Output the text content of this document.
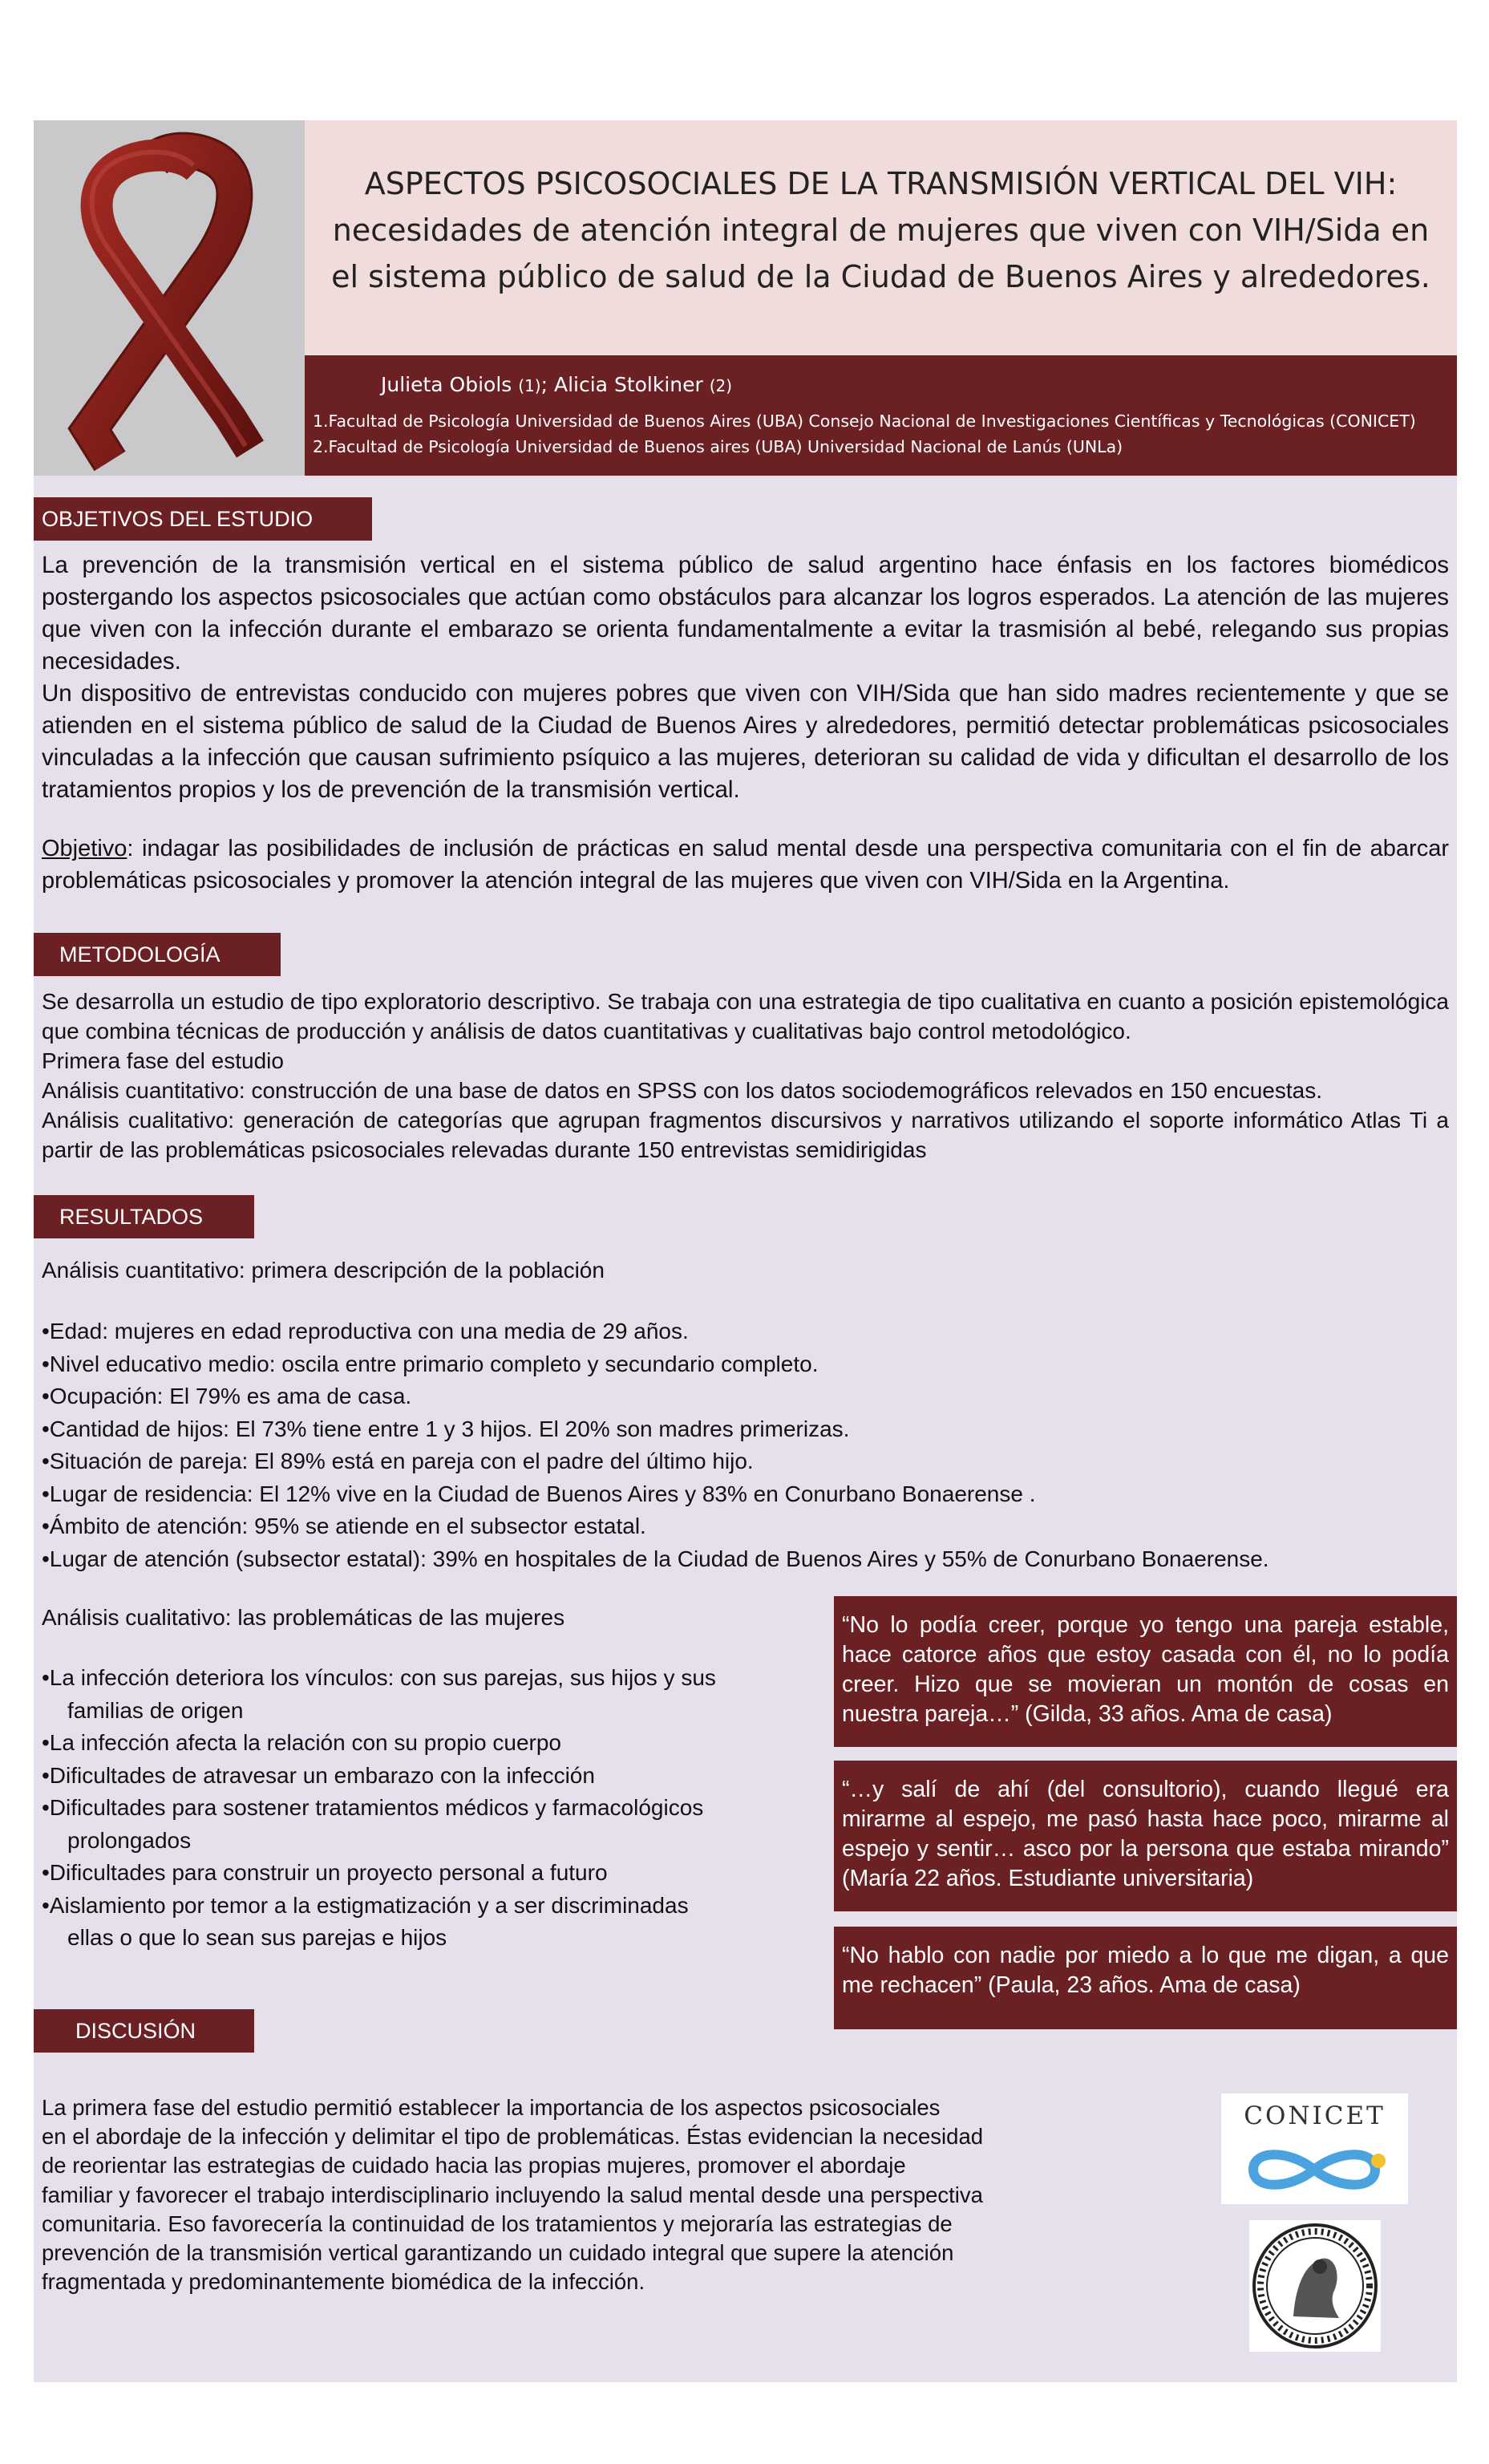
ASPECTOS PSICOSOCIALES DE LA TRANSMISIÓN VERTICAL DEL VIH:
necesidades de atención integral de mujeres que viven con VIH/Sida en
el sistema público de salud de la Ciudad de Buenos Aires y alrededores.
Julieta Obiols (1); Alicia Stolkiner (2)
1.Facultad de Psicología Universidad de Buenos Aires (UBA) Consejo Nacional de Investigaciones Científicas y Tecnológicas (CONICET)
2.Facultad de Psicología Universidad de Buenos aires (UBA) Universidad Nacional de Lanús (UNLa)
OBJETIVOS DEL ESTUDIO

La prevención de la transmisión vertical en el sistema público de salud argentino hace énfasis en los factores biomédicos postergando los aspectos psicosociales que actúan como obstáculos para alcanzar los logros esperados. La atención de las mujeres que viven con la infección durante el embarazo se orienta fundamentalmente a evitar la trasmisión al bebé, relegando sus propias necesidades.

Un dispositivo de entrevistas conducido con mujeres pobres que viven con VIH/Sida que han sido madres recientemente y que se atienden en el sistema público de salud de la Ciudad de Buenos Aires y alrededores, permitió detectar problemáticas psicosociales vinculadas a la infección que causan sufrimiento psíquico a las mujeres, deterioran su calidad de vida y dificultan el desarrollo de los tratamientos propios y los de prevención de la transmisión vertical.

Objetivo: indagar las posibilidades de inclusión de prácticas en salud mental desde una perspectiva comunitaria con el fin de abarcar problemáticas psicosociales y promover la atención integral de las mujeres que viven con VIH/Sida en la Argentina.

METODOLOGÍA

Se desarrolla un estudio de tipo exploratorio descriptivo. Se trabaja con una estrategia de tipo cualitativa en cuanto a posición epistemológica que combina técnicas de producción y análisis de datos cuantitativas y cualitativas bajo control metodológico.

Primera fase del estudio

Análisis cuantitativo: construcción de una base de datos en SPSS con los datos sociodemográficos relevados en 150 encuestas.

Análisis cualitativo: generación de categorías que agrupan fragmentos discursivos y narrativos utilizando el soporte informático Atlas Ti a partir de las problemáticas psicosociales relevadas durante 150 entrevistas semidirigidas

RESULTADOS
Análisis cuantitativo: primera descripción de la población

•Edad: mujeres en edad reproductiva con una media de 29 años.

•Nivel educativo medio: oscila entre primario completo y secundario completo.

•Ocupación: El 79% es ama de casa.

•Cantidad de hijos: El 73% tiene entre 1 y 3 hijos. El 20% son madres primerizas.

•Situación de pareja: El 89% está en pareja con el padre del último hijo.

•Lugar de residencia: El 12% vive en la Ciudad de Buenos Aires y 83% en Conurbano Bonaerense .

•Ámbito de atención: 95% se atiende en el subsector estatal.

•Lugar de atención (subsector estatal): 39% en hospitales de la Ciudad de Buenos Aires y 55% de Conurbano Bonaerense.

Análisis cualitativo: las problemáticas de las mujeres

•La infección deteriora los vínculos: con sus parejas, sus hijos y sus

familias de origen

•La infección afecta la relación con su propio cuerpo

•Dificultades de atravesar un embarazo con la infección

•Dificultades para sostener tratamientos médicos y farmacológicos

prolongados

•Dificultades para construir un proyecto personal a futuro

•Aislamiento por temor a la estigmatización y a ser discriminadas

ellas o que lo sean sus parejas e hijos

“No lo podía creer, porque yo tengo una pareja estable, hace catorce años que estoy casada con él, no lo podía creer. Hizo que se movieran un montón de cosas en nuestra pareja…” (Gilda, 33 años. Ama de casa)
“…y salí de ahí (del consultorio), cuando llegué era mirarme al espejo, me pasó hasta hace poco, mirarme al espejo y sentir… asco por la persona que estaba mirando” (María 22 años. Estudiante universitaria)
“No hablo con nadie por miedo a lo que me digan, a que me rechacen” (Paula, 23 años. Ama de casa)
DISCUSIÓN

La primera fase del estudio permitió establecer la importancia de los aspectos psicosociales

en el abordaje de la infección y delimitar el tipo de problemáticas. Éstas evidencian la necesidad

de reorientar las estrategias de cuidado hacia las propias mujeres, promover el abordaje

familiar y favorecer el trabajo interdisciplinario incluyendo la salud mental desde una perspectiva

comunitaria. Eso favorecería la continuidad de los tratamientos y mejoraría las estrategias de

prevención de la transmisión vertical garantizando un cuidado integral que supere la atención

fragmentada y predominantemente biomédica de la infección.

CONICET
